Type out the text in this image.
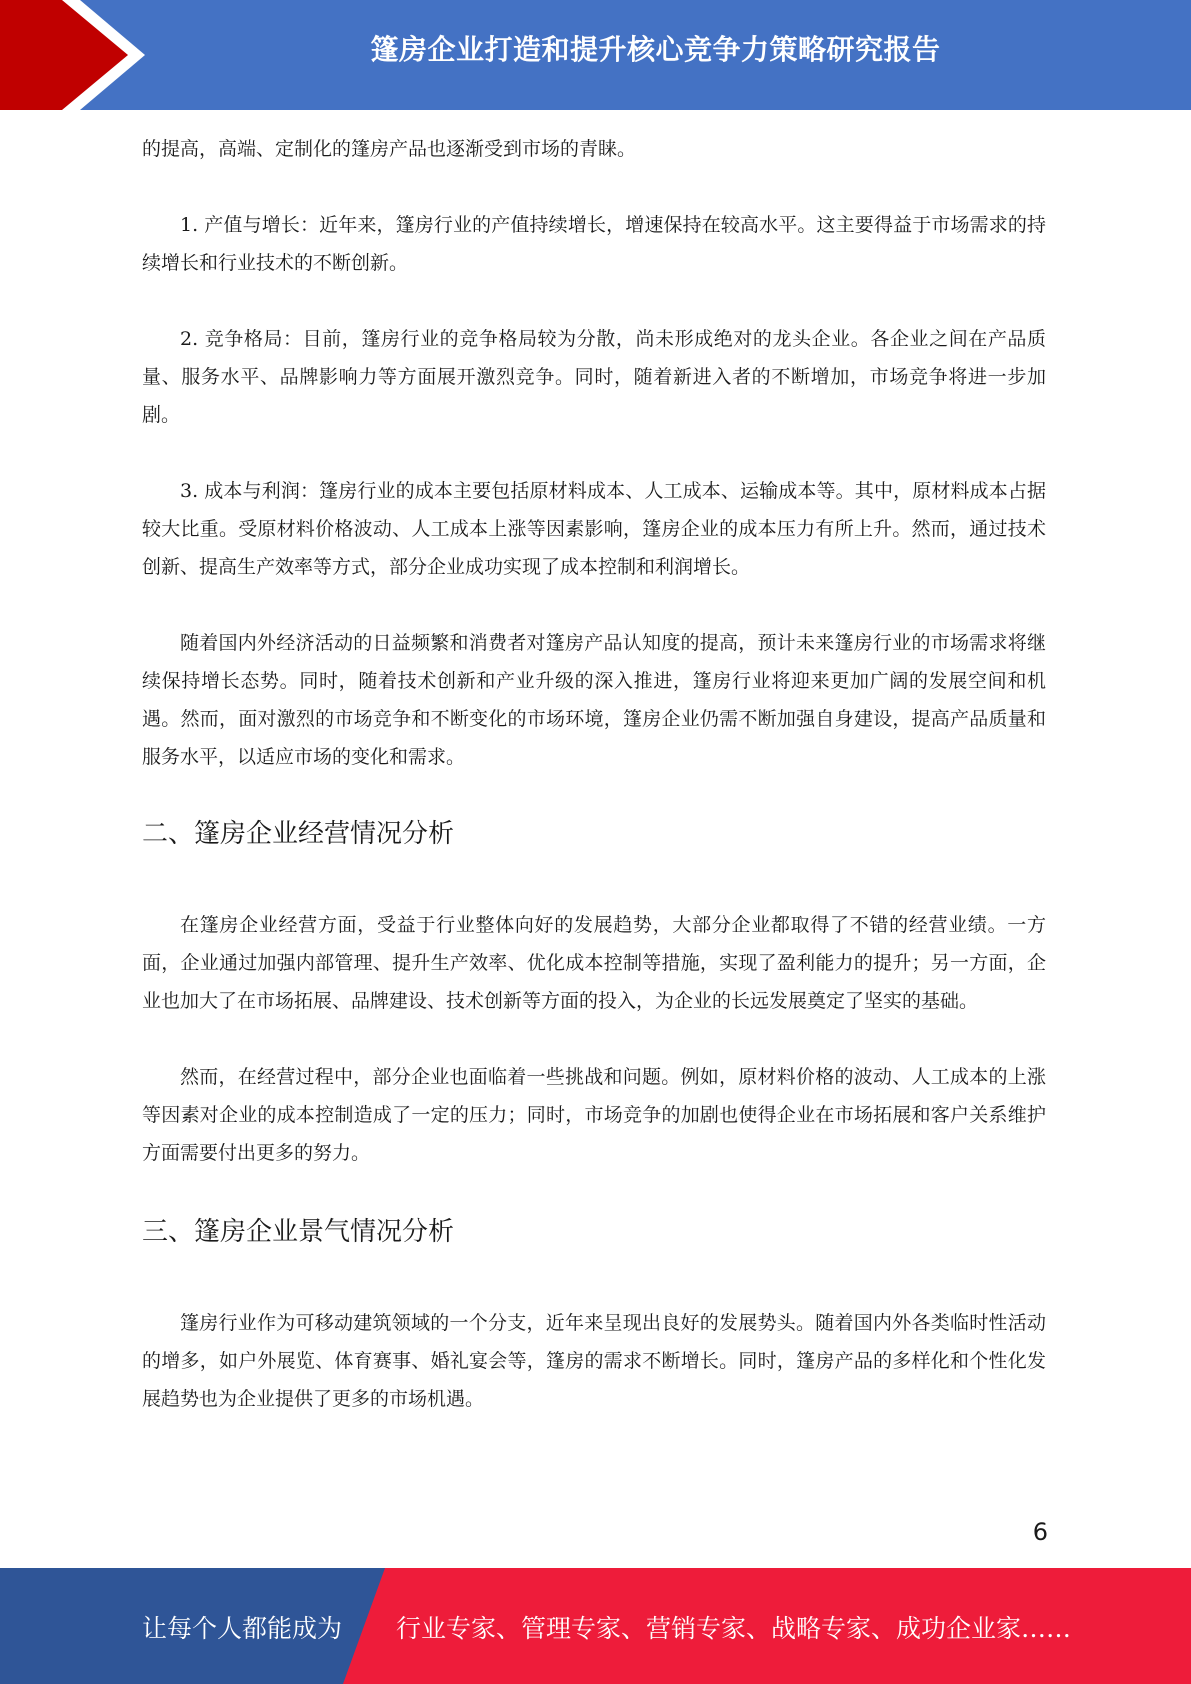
篷房企业打造和提升核心竞争力策略研究报告

的提高，高端、定制化的篷房产品也逐渐受到市场的青睐。

1. 产值与增长：近年来，篷房行业的产值持续增长，增速保持在较高水平。这主要得益于市场需求的持续增长和行业技术的不断创新。

2. 竞争格局：目前，篷房行业的竞争格局较为分散，尚未形成绝对的龙头企业。各企业之间在产品质量、服务水平、品牌影响力等方面展开激烈竞争。同时，随着新进入者的不断增加，市场竞争将进一步加剧。

3. 成本与利润：篷房行业的成本主要包括原材料成本、人工成本、运输成本等。其中，原材料成本占据较大比重。受原材料价格波动、人工成本上涨等因素影响，篷房企业的成本压力有所上升。然而，通过技术创新、提高生产效率等方式，部分企业成功实现了成本控制和利润增长。

随着国内外经济活动的日益频繁和消费者对篷房产品认知度的提高，预计未来篷房行业的市场需求将继续保持增长态势。同时，随着技术创新和产业升级的深入推进，篷房行业将迎来更加广阔的发展空间和机遇。然而，面对激烈的市场竞争和不断变化的市场环境，篷房企业仍需不断加强自身建设，提高产品质量和服务水平，以适应市场的变化和需求。

二、篷房企业经营情况分析

在篷房企业经营方面，受益于行业整体向好的发展趋势，大部分企业都取得了不错的经营业绩。一方面，企业通过加强内部管理、提升生产效率、优化成本控制等措施，实现了盈利能力的提升；另一方面，企业也加大了在市场拓展、品牌建设、技术创新等方面的投入，为企业的长远发展奠定了坚实的基础。

然而，在经营过程中，部分企业也面临着一些挑战和问题。例如，原材料价格的波动、人工成本的上涨等因素对企业的成本控制造成了一定的压力；同时，市场竞争的加剧也使得企业在市场拓展和客户关系维护方面需要付出更多的努力。

三、篷房企业景气情况分析

篷房行业作为可移动建筑领域的一个分支，近年来呈现出良好的发展势头。随着国内外各类临时性活动的增多，如户外展览、体育赛事、婚礼宴会等，篷房的需求不断增长。同时，篷房产品的多样化和个性化发展趋势也为企业提供了更多的市场机遇。

6
让每个人都能成为 行业专家、管理专家、营销专家、战略专家、成功企业家……
